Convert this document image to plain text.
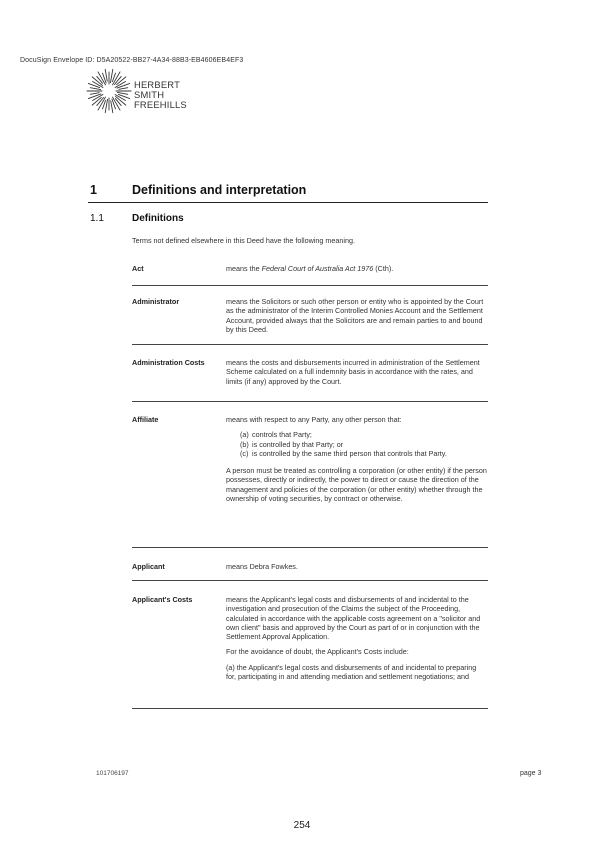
DocuSign Envelope ID: D5A20522-BB27-4A34-88B3-EB4606EB4EF3
HERBERT
SMITH
FREEHILLS
1	Definitions and interpretation
1.1	Definitions
Terms not defined elsewhere in this Deed have the following meaning.
Act	means the Federal Court of Australia Act 1976 (Cth).
Administrator	means the Solicitors or such other person or entity who is appointed by the Court as the administrator of the Interim Controlled Monies Account and the Settlement Account, provided always that the Solicitors are and remain parties to and bound by this Deed.
Administration Costs	means the costs and disbursements incurred in administration of the Settlement Scheme calculated on a full indemnity basis in accordance with the rates, and limits (if any) approved by the Court.
Affiliate	means with respect to any Party, any other person that:

(a) controls that Party;
(b) is controlled by that Party; or
(c) is controlled by the same third person that controls that Party.

A person must be treated as controlling a corporation (or other entity) if the person possesses, directly or indirectly, the power to direct or cause the direction of the management and policies of the corporation (or other entity) whether through the ownership of voting securities, by contract or otherwise.

Applicant	means Debra Fowkes.
Applicant's Costs	means the Applicant's legal costs and disbursements of and incidental to the investigation and prosecution of the Claims the subject of the Proceeding, calculated in accordance with the applicable costs agreement on a "solicitor and own client" basis and approved by the Court as part of or in conjunction with the Settlement Approval Application.

For the avoidance of doubt, the Applicant's Costs include:

(a) the Applicant's legal costs and disbursements of and incidental to preparing for, participating in and attending mediation and settlement negotiations; and

101706197	page 3
254
